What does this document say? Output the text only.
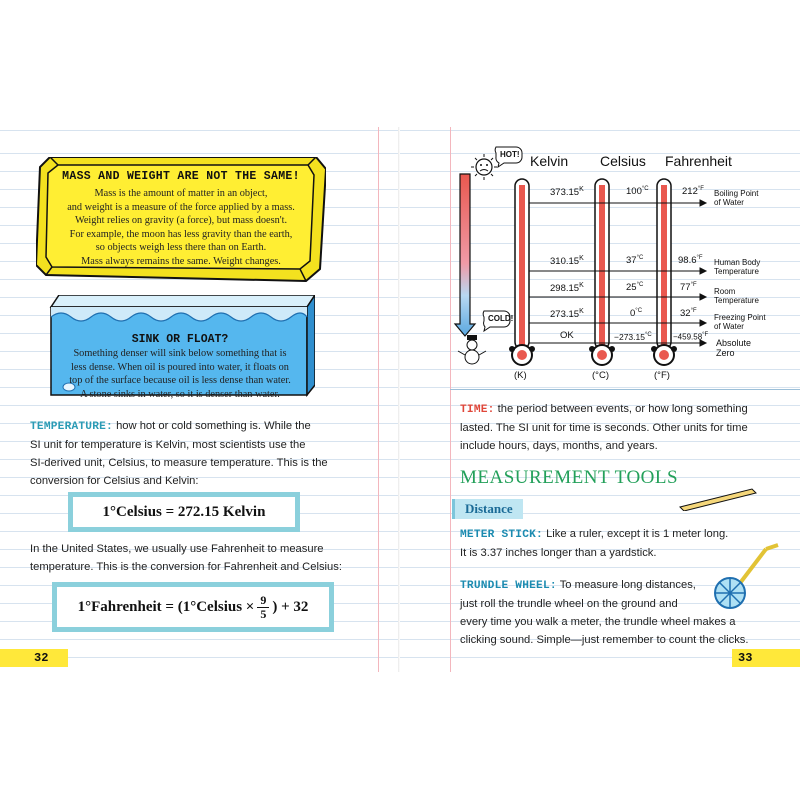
MASS AND WEIGHT ARE NOT THE SAME!
Mass is the amount of matter in an object,
and weight is a measure of the force applied by a mass.
Weight relies on gravity (a force), but mass doesn't.
For example, the moon has less gravity than the earth,
so objects weigh less there than on Earth.
Mass always remains the same. Weight changes.
SINK OR FLOAT?
Something denser will sink below something that is
less dense. When oil is poured into water, it floats on
top of the surface because oil is less dense than water.
A stone sinks in water, so it is denser than water.
TEMPERATURE: how hot or cold something is. While the
SI unit for temperature is Kelvin, most scientists use the
SI-derived unit, Celsius, to measure temperature. This is the
conversion for Celsius and Kelvin:
1°Celsius = 272.15 Kelvin
In the United States, we usually use Fahrenheit to measure
temperature. This is the conversion for Fahrenheit and Celsius:
1°Fahrenheit = (1°Celsius × $\frac{9}{5}$ ) + 32
32
HOT!
COLD!
Kelvin Celsius Fahrenheit
$373.15^K$	$100^{^\circ C}$	$212^{^\circ F}$ Boiling Point
of Water
$310.15^K$	$37^{^\circ C}$	$98.6^{^\circ F}$ Human Body
Temperature
$298.15^K$	$25^{^\circ C}$	$77^{^\circ F}$
Room
Temperature
$273.15^K$	$0^{^\circ C}$	$32^{^\circ F}$
Freezing Point
of Water
OK	$-273.15^{^\circ C}$	$-459.58^{^\circ F}$
Absolute
Zero
(K)	(°C)	(°F)
TIME: the period between events, or how long something
lasted. The SI unit for time is seconds. Other units for time
include hours, days, months, and years.
MEASUREMENT TOOLS
Distance
METER STICK: Like a ruler, except it is 1 meter long.
It is 3.37 inches longer than a yardstick.
TRUNDLE WHEEL: To measure long distances,
just roll the trundle wheel on the ground and
every time you walk a meter, the trundle wheel makes a
clicking sound. Simple—just remember to count the clicks.
33
